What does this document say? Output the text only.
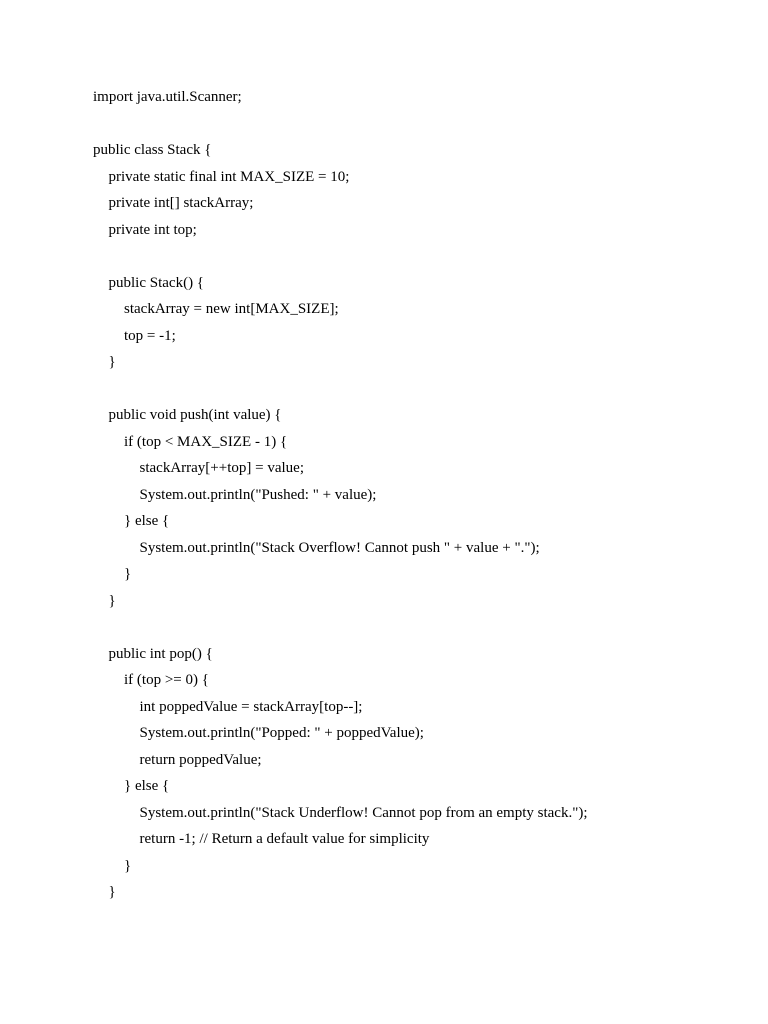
import java.util.Scanner;
public class Stack {
private static final int MAX_SIZE = 10;
private int[] stackArray;
private int top;
public Stack() {
stackArray = new int[MAX_SIZE];
top = -1;
}
public void push(int value) {
if (top < MAX_SIZE - 1) {
stackArray[++top] = value;
System.out.println("Pushed: " + value);
} else {
System.out.println("Stack Overflow! Cannot push " + value + ".");
}
}
public int pop() {
if (top >= 0) {
int poppedValue = stackArray[top--];
System.out.println("Popped: " + poppedValue);
return poppedValue;
} else {
System.out.println("Stack Underflow! Cannot pop from an empty stack.");
return -1; // Return a default value for simplicity
}
}
